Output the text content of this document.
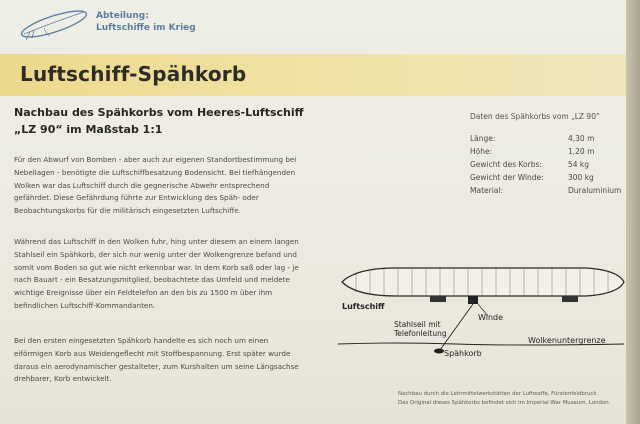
Abteilung:
Luftschiffe im Krieg
Luftschiff-Spähkorb
Nachbau des Spähkorbs vom Heeres-Luftschiff
„LZ 90“ im Maßstab 1:1
Für den Abwurf von Bomben - aber auch zur eigenen Standortbestimmung bei
Nebellagen - benötigte die Luftschiffbesatzung Bodensicht. Bei tiefhängenden
Wolken war das Luftschiff durch die gegnerische Abwehr entsprechend
gefährdet. Diese Gefährdung führte zur Entwicklung des Späh- oder
Beobachtungskorbs für die militärisch eingesetzten Luftschiffe.
Während das Luftschiff in den Wolken fuhr, hing unter diesem an einem langen
Stahlseil ein Spähkorb, der sich nur wenig unter der Wolkengrenze befand und
somit vom Boden so gut wie nicht erkennbar war. In dem Korb saß oder lag - je
nach Bauart - ein Besatzungsmitglied, beobachtete das Umfeld und meldete
wichtige Ereignisse über ein Feldtelefon an den bis zu 1500 m über ihm
befindlichen Luftschiff-Kommandanten.
Bei den ersten eingesetzten Spähkorb handelte es sich noch um einen
eiförmigen Korb aus Weidengeflecht mit Stoffbespannung. Erst später wurde
daraus ein aerodynamischer gestalteter, zum Kurshalten um seine Längsachse
drehbarer, Korb entwickelt.
Daten des Spähkorbs vom „LZ 90“
Länge:	4,30 m
Höhe:	1,20 m
Gewicht des Korbs:	54 kg
Gewicht der Winde:	300 kg
Material:	Duraluminium
Luftschiff
Winde
Stahlseil mit
Telefonleitung
Wolkenuntergrenze
Spähkorb
Nachbau durch die Lehrmittelwerkstätten der Luftwaffe, Fürstenfeldbruck
Das Original dieses Spähkorbs befindet sich im Imperial War Museum, London.
